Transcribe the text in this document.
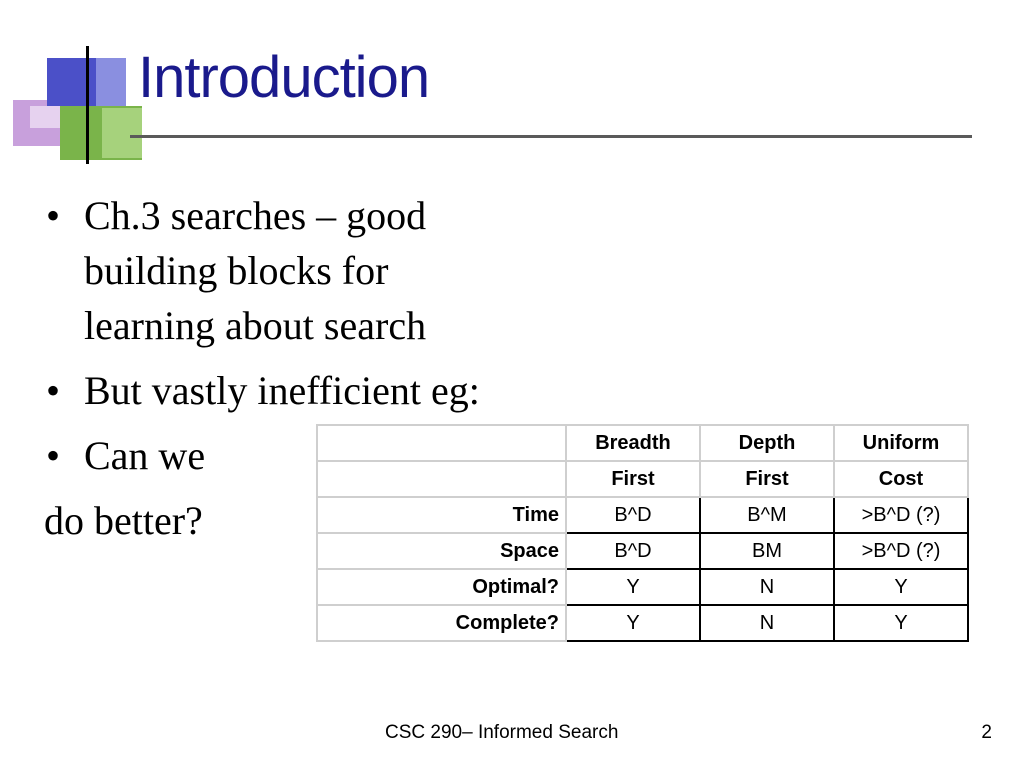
Introduction
• Ch.3 searches – good building blocks for learning about search
• But vastly inefficient eg:
• Can we
do better?
	Breadth	Depth	Uniform
	First	First	Cost
Time	B^D	B^M	>B^D (?)
Space	B^D	BM	>B^D (?)
Optimal?	Y	N	Y
Complete?	Y	N	Y
CSC 290– Informed Search	2
